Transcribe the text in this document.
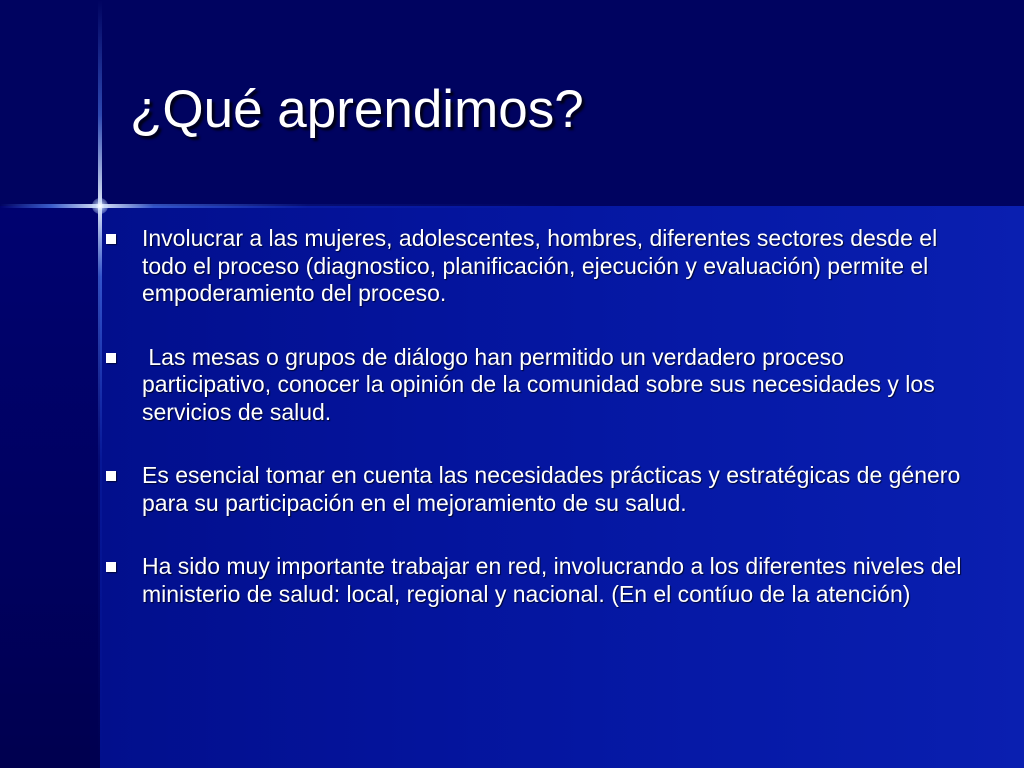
¿Qué aprendimos?
Involucrar a las mujeres, adolescentes, hombres, diferentes sectores desde el todo el proceso (diagnostico, planificación, ejecución y evaluación) permite el empoderamiento del proceso.
Las mesas o grupos de diálogo han permitido un verdadero proceso participativo, conocer la opinión de la comunidad sobre sus necesidades y los servicios de salud.
Es esencial tomar en cuenta las necesidades prácticas y estratégicas de género para su participación en el mejoramiento de su salud.
Ha sido muy importante trabajar en red, involucrando a los diferentes niveles del ministerio de salud: local, regional y nacional. (En el contíuo de la atención)
